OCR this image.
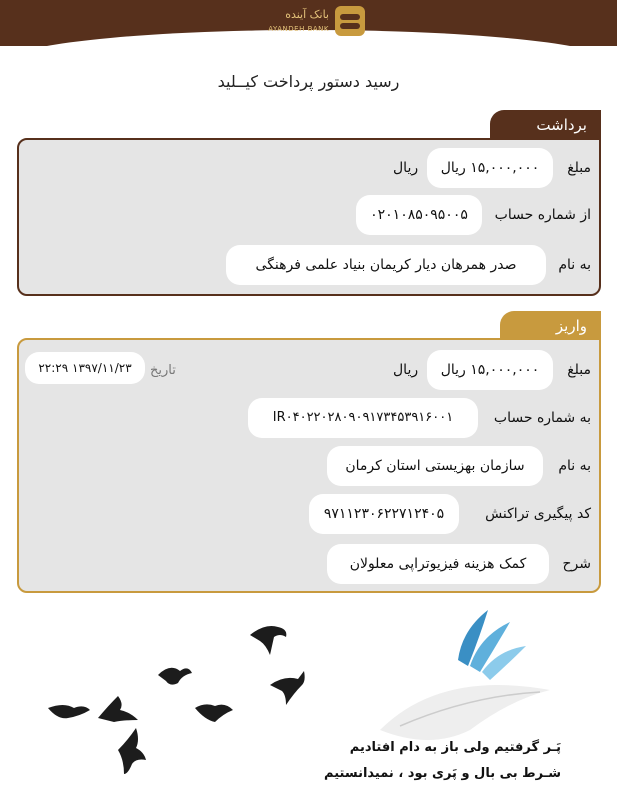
بانک آینده
AYANDEH BANK
رسید دستور پرداخت کیـ‌ـلید
برداشت
مبلغ
۱۵,۰۰۰,۰۰۰ ریال
ریال
از شماره حساب
۰۲۰۱۰۸۵۰۹۵۰۰۵
به نام
صدر همرهان دیار کریمان بنیاد علمی فرهنگی
واریز
مبلغ
۱۵,۰۰۰,۰۰۰ ریال
ریال
تاریخ
۱۳۹۷/۱۱/۲۳ ۲۲:۲۹
به شماره حساب
IR۰۴۰۲۲۰۲۸۰۹۰۹۱۷۳۴۵۳۹۱۶۰۰۱
به نام
سازمان بهزیستی استان کرمان
کد پیگیری تراکنش
۹۷۱۱۲۳۰۶۲۲۷۱۲۴۰۵
شرح
کمک هزینه فیزیوتراپی معلولان
پَـر گرفتیم ولی باز به دام افتادیم
شـرط بی بال و پَری بود ، نمیدانستیم
